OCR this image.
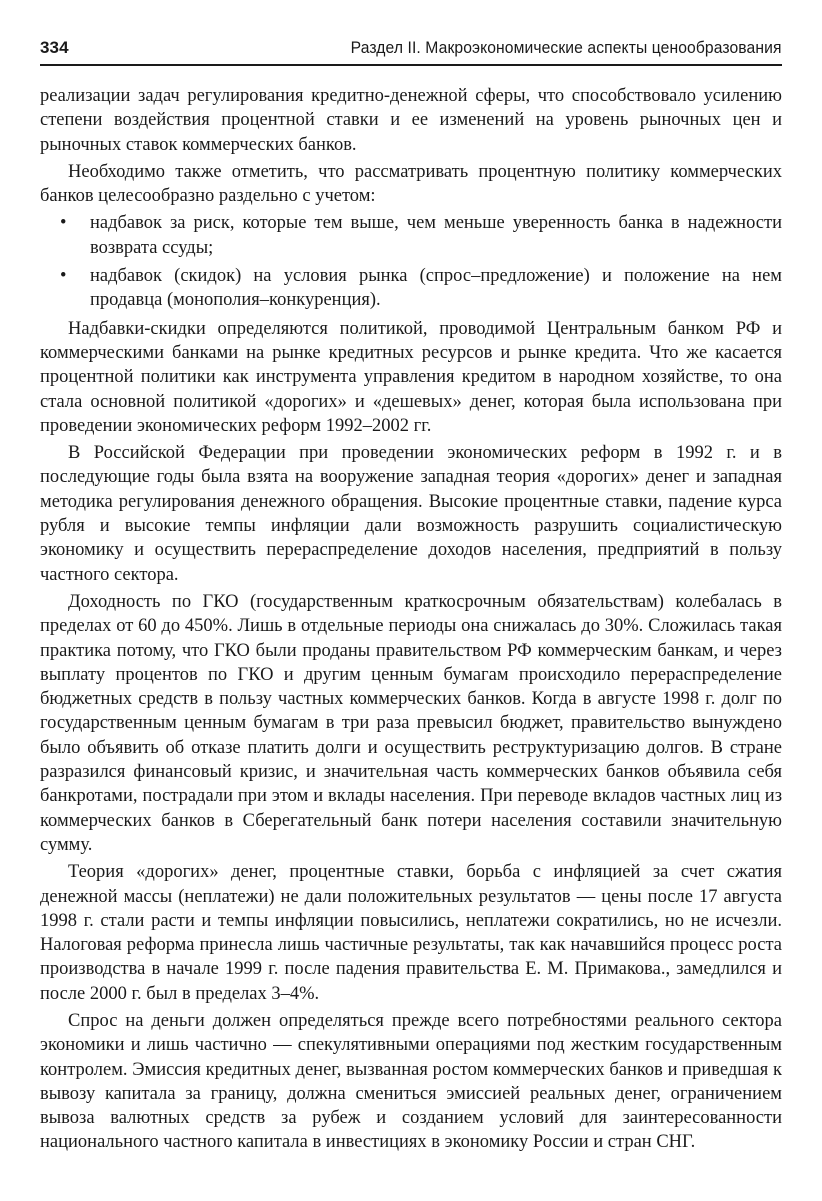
334	Раздел II. Макроэкономические аспекты ценообразования

реализации задач регулирования кредитно-денежной сферы, что способствовало усилению степени воздействия процентной ставки и ее изменений на уровень рыночных цен и рыночных ставок коммерческих банков.

Необходимо также отметить, что рассматривать процентную политику коммерческих банков целесообразно раздельно с учетом:

• надбавок за риск, которые тем выше, чем меньше уверенность банка в надежности возврата ссуды;
• надбавок (скидок) на условия рынка (спрос–предложение) и положение на нем продавца (монополия–конкуренция).

Надбавки-скидки определяются политикой, проводимой Центральным банком РФ и коммерческими банками на рынке кредитных ресурсов и рынке кредита. Что же касается процентной политики как инструмента управления кредитом в народном хозяйстве, то она стала основной политикой «дорогих» и «дешевых» денег, которая была использована при проведении экономических реформ 1992–2002 гг.

В Российской Федерации при проведении экономических реформ в 1992 г. и в последующие годы была взята на вооружение западная теория «дорогих» денег и западная методика регулирования денежного обращения. Высокие процентные ставки, падение курса рубля и высокие темпы инфляции дали возможность разрушить социалистическую экономику и осуществить перераспределение доходов населения, предприятий в пользу частного сектора.

Доходность по ГКО (государственным краткосрочным обязательствам) колебалась в пределах от 60 до 450%. Лишь в отдельные периоды она снижалась до 30%. Сложилась такая практика потому, что ГКО были проданы правительством РФ коммерческим банкам, и через выплату процентов по ГКО и другим ценным бумагам происходило перераспределение бюджетных средств в пользу частных коммерческих банков. Когда в августе 1998 г. долг по государственным ценным бумагам в три раза превысил бюджет, правительство вынуждено было объявить об отказе платить долги и осуществить реструктуризацию долгов. В стране разразился финансовый кризис, и значительная часть коммерческих банков объявила себя банкротами, пострадали при этом и вклады населения. При переводе вкладов частных лиц из коммерческих банков в Сберегательный банк потери населения составили значительную сумму.

Теория «дорогих» денег, процентные ставки, борьба с инфляцией за счет сжатия денежной массы (неплатежи) не дали положительных результатов — цены после 17 августа 1998 г. стали расти и темпы инфляции повысились, неплатежи сократились, но не исчезли. Налоговая реформа принесла лишь частичные результаты, так как начавшийся процесс роста производства в начале 1999 г. после падения правительства Е. М. Примакова., замедлился и после 2000 г. был в пределах 3–4%.

Спрос на деньги должен определяться прежде всего потребностями реального сектора экономики и лишь частично — спекулятивными операциями под жестким государственным контролем. Эмиссия кредитных денег, вызванная ростом коммерческих банков и приведшая к вывозу капитала за границу, должна смениться эмиссией реальных денег, ограничением вывоза валютных средств за рубеж и созданием условий для заинтересованности национального частного капитала в инвестициях в экономику России и стран СНГ.
